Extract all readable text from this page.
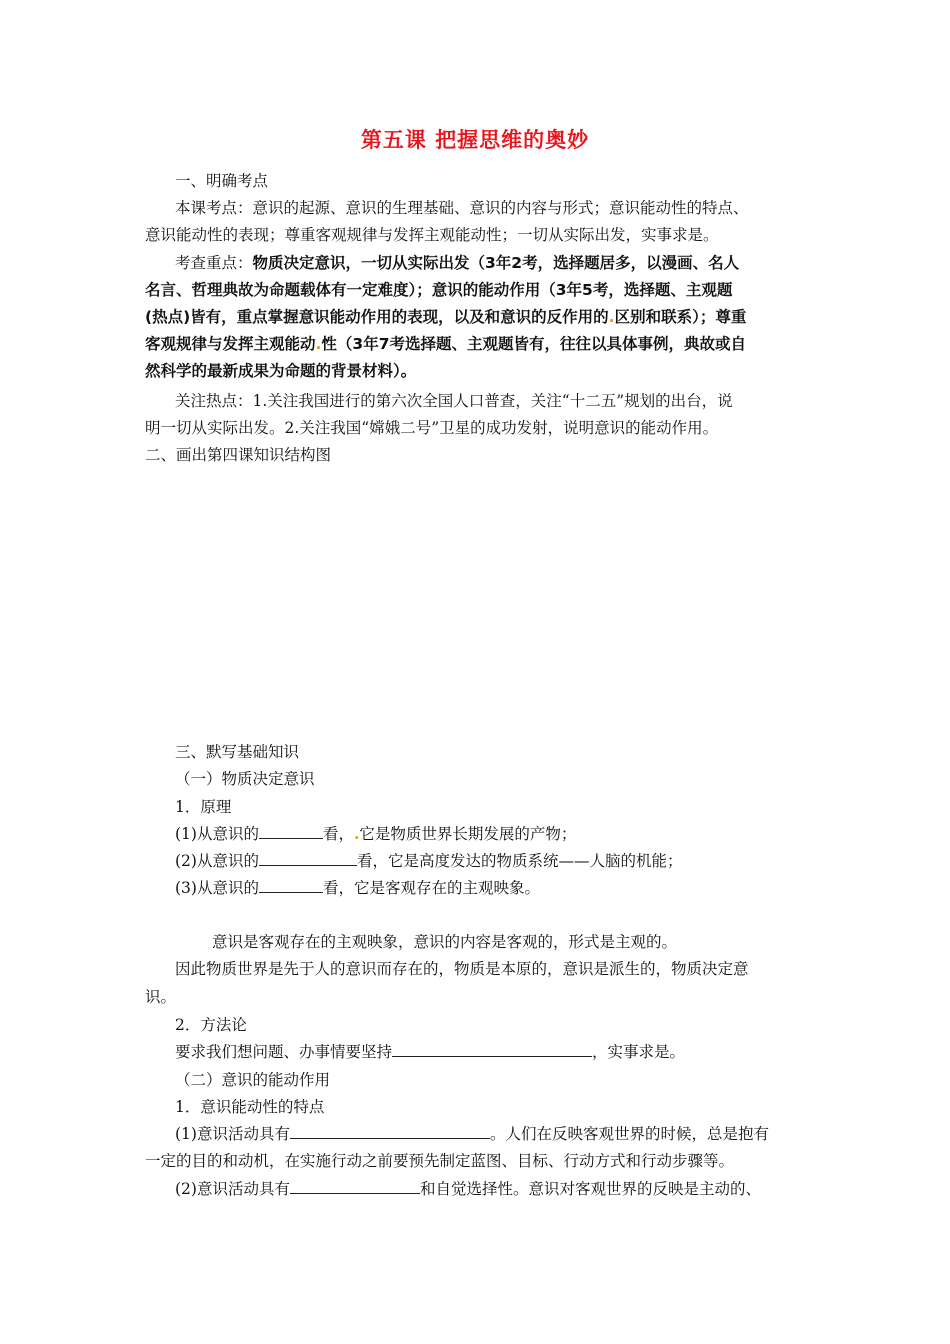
第五课 把握思维的奥妙
一、明确考点
本课考点：意识的起源、意识的生理基础、意识的内容与形式；意识能动性的特点、
意识能动性的表现；尊重客观规律与发挥主观能动性；一切从实际出发，实事求是。
考查重点：物质决定意识，一切从实际出发（3年2考，选择题居多，以漫画、名人
名言、哲理典故为命题载体有一定难度）；意识的能动作用（3年5考，选择题、主观题
(热点)皆有，重点掌握意识能动作用的表现，以及和意识的反作用的.区别和联系）；尊重
客观规律与发挥主观能动.性（3年7考选择题、主观题皆有，往往以具体事例，典故或自
然科学的最新成果为命题的背景材料）。
关注热点：1.关注我国进行的第六次全国人口普查，关注“十二五”规划的出台，说
明一切从实际出发。2.关注我国“嫦娥二号”卫星的成功发射，说明意识的能动作用。
二、画出第四课知识结构图
三、默写基础知识
（一）物质决定意识
1．原理
(1)从意识的	看，.它是物质世界长期发展的产物；
(2)从意识的	看，它是高度发达的物质系统——人脑的机能；
(3)从意识的	看，它是客观存在的主观映象。
意识是客观存在的主观映象，意识的内容是客观的，形式是主观的。
因此物质世界是先于人的意识而存在的，物质是本原的，意识是派生的，物质决定意
识。
2．方法论
要求我们想问题、办事情要坚持	，实事求是。
（二）意识的能动作用
1．意识能动性的特点
(1)意识活动具有	。人们在反映客观世界的时候，总是抱有
一定的目的和动机，在实施行动之前要预先制定蓝图、目标、行动方式和行动步骤等。
(2)意识活动具有	和自觉选择性。意识对客观世界的反映是主动的、
